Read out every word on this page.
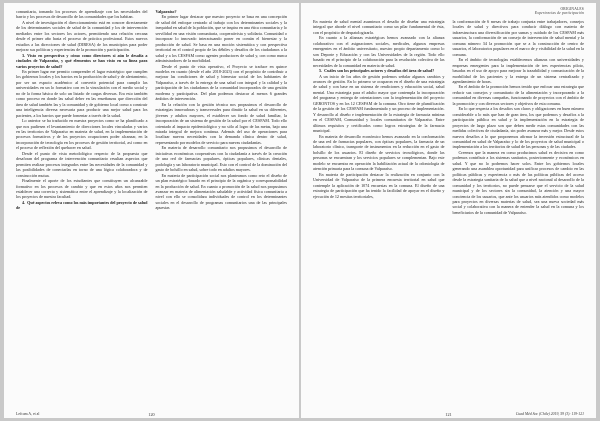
comunitaria, tomando los procesos de aprendizaje con las necesidades del barrio y los procesos de desarrollo de las comunidades que los habitan.

A nivel de investigación el direccionamiento está en conocer directamente de los determinantes sociales de salud de la comunidad y los de intervención mediados entre los sectores los actores, permitiendo una relación cercana desde el primer año hasta el proceso de práctica profesional. Estos nuevos estudios a las direcciones de salud (DIRESA) de los municipios para poder mejorar sus políticas y experiencias de la promoción y participación.

3. Visto en perspectiva y cómo como directores si aún le desafía a ciudades de Valparaíso, y qué elementos se han visto en su línea para varios proyectos de salud?

En primer lugar me permito comprender el lugar estratégico que cumplen los gobiernos locales y los barrios en la producción de salud y de alertamiento, por ser un espacio académico al convertir potencial para cumplir las universidades en un lo formativo con en la vinculación con el medio social y no de la forma básica de solo un listado de cargas diversas. Era esto también como proceso en donde las salud deber en las enseñanzas que dirección del área de salud también las y la comunidad y de gobierno local como a construir una inteligencia diversa necesaria para producir una mejor salud para los pacientes, a los barrios que puede fomentar a través de la salud.

Lo anterior se ha traducido en nuestra proyectos como se ha planificado a que nos pudiesen el levantamiento de direcciones locales vinculadas y varios en las territorios de Valparaíso en materia de salud, en la implementación de procesos formativos y de los proyectos ocupaciones poder alcanzar, en la incorporación de tecnología en los procesos de gestión territorial, así como en el proceso de reflexión del quehacer en salud.

Desde el punto de vista metodológico respecto de la propuesta que desaforan del programa de intervención comunitario resultan aspectos que permiten realizar procesos integrados entre las necesidades de la comunidad y las posibilidades de conectarlas en torno de una lógica colaboradora y de construcción mutua.

Finalmente el aporte de los estudiantes que constituyen un alcanzable formativo en los procesos de cambio y que en estos años nos permiten establecer una correcta y sistemática entre el aprendizaje y la localización de los proyectos de nuestra facultad.

4. Qué aspectos releva como los más importantes del proyecto de salud de

Valparaíso?

En primer lugar destacar que nuestro proyecto se basa en una concepción de salud del enfoque centrado al trabajo con los determinantes sociales y la inequidad en salud de la población, que se inspira en una ética comunitaria y lo servilidad en una visión comunitaria, cooperativista y solidaria. Comunidad o incorporar lo innovado interactuando poner en común el bienestar y la producción de salud. Se basa en una moción sistemática y con perspectiva territorial en el control propio de las débiles y desafíos de los ciudadanos a la salud y a los CESFAM como agentes productores de salud y, con como nunca administradores de la morbilidad.

Desde el punto de vista operativo, el Proyecto se traduce en quince modelos en cuanto (desde el año 2018-2023) con el propósito de contribuir a mejorar las condiciones de salud y bienestar social de los habitantes de Valparaíso, a través de la entrega de una salud con integral y la calidad y la participación de los ciudadanos de la comunidad incorporados de una gestión moderna y participativa. Del plan podemos destacar al menos 6 grandes ámbitos de intervención.

En la relación con la gestión técnica nos propusimos el desarrollo de estrategias innovadoras y transversales para dimitir la salud en su diferentes, jóvenes y adultos mayores, el establecer un fondo de salud familiar, la incorporación de un sistema de gestión de la salud por el CESFAM. Todo ello orientado al impacto epidemiológico y no sólo al logro de las metas, bajo una mirada integral de mejora continua. Además del uso de operaciones para localizar nuevas necesidades con la demanda clínica dentro de salud, representando por modelos de servicio para nuevas ciudadanías.

En materia de desarrollo comunitario nos propusimos el desarrollo de iniciativas económicas cooperativas con la ciudadanía a través de la creación de una red de farmacias populares, ópticas populares, clínicas dentales, podología y un laboratorio municipal. Esto con el control de la dominación del gasto de bolsillo en salud, sobre todo en adultos mayores.

En materia de participación social nos planteamos como reto el diseño de un plan estratégico basado en el principio de la orgánica y corresponsabilidad en la producción de salud. En cuanto a promoción de la salud nos propusimos avanzar en materia de alimentación saludable y actividad física comunitaria a nivel con ello se consolidara individuales de control en los determinantes sociales en el desarrollo de programas comunitarios una de las principales apuestas

Lefcam A, et al	120
ORIGINALES
Experiencias de participación

En materia de salud mental asumimos el desafío de diseñar una estrategia integral que aborde el nivel comunitario como un pilar fundamental de ésta, con el propósito de despatologizarla.

En cuanto a la alianzas estratégicas hemos avanzado con la alianza colaborativo con el asignaciones sociales, medicales, algunos empresas emergentes en el ámbito universitario, nuestro propio departamento como lo son Deporte y Educación y con las Universidades de la región. Todo ello basado en el principio de la colaboración para la resolución colectiva de las necesidades de la comunidad en materia de salud.

5. Cuáles son los principales actores y desafíos del área de salud?

A un inicio de los años de gestión podemos señalar algunos cambios y avances de gestión. En lo primero se ocuparon en el diseño de una estrategia de salud y con base en un sistema de rendiciones y educación social, salud mental. Una estrategia para el adulto mayor que contempla la incorporación del programa y entrega de orientaciones con la implementación del proyecto GERONTOS y en los 12 CESFAM de la comuna. Otro tiene de plumificación de la gestión de los CESFAM fundamentado y un proceso de implementación. Y desarrollo al diseño e implementación de la estrategia de farmacia mínima en el CESFAM, Comunidad y locales comunitarios de Valparaíso. Entre últimos requisitos y certificados como logros estrategias de la farmacia municipal.

En materia de desarrollo económico hemos avanzado en la conformación de una red de farmacias populares, con ópticas populares, la farmacia de un laboratorio clínico, transporte de instrumentos en la reducción en el gasto de bolsillo de los usuarios. El diseño de servicios tecnológicos, donde las personas se encuentran y los servicios populares se complementan. Bajo este modelo se encuentra en operación la habilitación actual de la odontología de atención primaria para la comuna de Valparaíso.

En materia de participación destacar la realización en conjunto con la Universidad de Valparaíso de la primera encuesta territorial en salud que contemple la aplicación de 1074 encuestas en la comuna. El diseño de una estrategia de participación que ha tenido la facilidad de apoyar en el diseño y ejecución de 12 mesitas territoriales,

la conformación de 6 mesas de trabajo conjunta entre trabajadores, consejos locales de salud y directivos para conducir diálogo con materia de infraestructura una diversificación por sumas y cuidado de los CESFAM más usuarios, la conformación de un consejo de intervención de salud mental y la comuna número 34 la promoción que se a la construcción de centro de usuarios, el laboratorios populares en el marco de y visibilidad de la salud en la comuna.

En el ámbito de tecnologías establecemos alianzas con universidades y empresas emergentes para la implementación de tres experiencias piloto, basadas en el uso de apoyo para mejorar la trazabilidad y comunicación de la morbilidad de los pacientes y la entrega de un sistema centralizado y agendamiento de horas.

En el ámbito de la promoción hemos tenido que enfocar una estrategia que reducir sus consejos y comunitario de la alimentación y incorporando a la comunidad en diversas campañas, funcionando de proyectos con el ámbito de la promoción y con diversos sectores y objetivos de esta comuna.

En lo que respecta a los desafíos son claros y obligaciones en buen número considerable a lo más que han de gran área, los que podemos y desafíos a la participación pública en salud y la implementación en la estrategia de proyectos de largo plazo son que deben medir estas comunidades con las medidas colectivas de ciudadanía, sin poder avanzar más y mejor. Desde estos nuevos desafíos a lo que proponemos afirmar la inversión estructural de la comunidad en salud de Valparaíso y lo de los proyectos de salud municipal o implementación a los territorios de salud de las personas y de las ciudades.

Creemos que la manera en como producimos salud es decisiva en como podemos contribuir a los sistemas sanitarios, posteriormente y económicos en salud. Y que no lo podremos hacer solos. Entre los gobiernos locales generando una asamblea oportunidad para unificar procesos de cambio en las políticas públicas y experiencia o más de las políticas públicas del acceso desde la estrategia sanitaria de la salud que a nivel nacional al desarrollo de la comunidad y los territorios, no puede pensarse que el servicio de la salud municipal y de los sectores sin la comunidad, la atención y una mayor conciencia de los usuarios, que ante los usuarios más atendidos como modelos para proyectos en diversas materias de salud, sea una nueva sociedad más social y colaborativa con la manera de entender la salud en la comuna y los beneficiarios de la comunidad de Valparaíso.

121	Cuad Méd Soc (Chile) 2019, 59 (3): 119-121
